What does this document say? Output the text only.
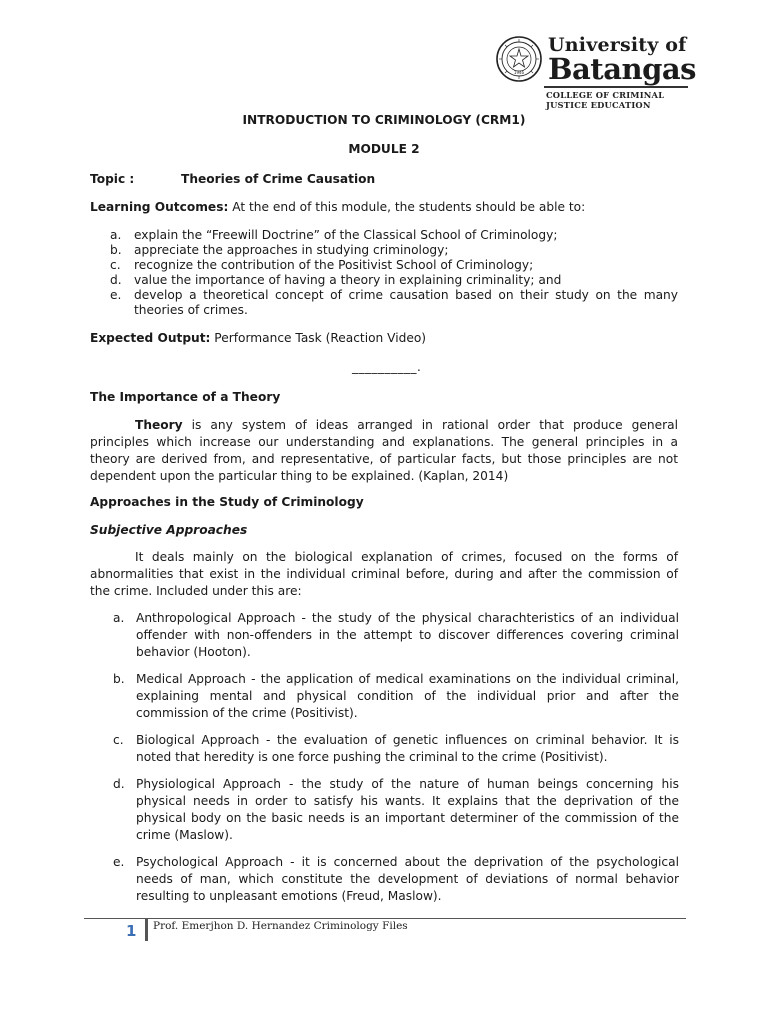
1946
University of
Batangas
COLLEGE OF CRIMINAL
JUSTICE EDUCATION
INTRODUCTION TO CRIMINOLOGY (CRM1)
MODULE 2
Topic :	Theories of Crime Causation
Learning Outcomes: At the end of this module, the students should be able to:
a. explain the “Freewill Doctrine” of the Classical School of Criminology;
b. appreciate the approaches in studying criminology;
c. recognize the contribution of the Positivist School of Criminology;
d. value the importance of having a theory in explaining criminality; and
e. develop a theoretical concept of crime causation based on their study on the many theories of crimes.
Expected Output: Performance Task (Reaction Video)
__________.
The Importance of a Theory
Theory is any system of ideas arranged in rational order that produce general principles which increase our understanding and explanations. The general principles in a theory are derived from, and representative, of particular facts, but those principles are not dependent upon the particular thing to be explained. (Kaplan, 2014)
Approaches in the Study of Criminology
Subjective Approaches
It deals mainly on the biological explanation of crimes, focused on the forms of abnormalities that exist in the individual criminal before, during and after the commission of the crime. Included under this are:
a. Anthropological Approach - the study of the physical charachteristics of an individual offender with non-offenders in the attempt to discover differences covering criminal behavior (Hooton).
b. Medical Approach - the application of medical examinations on the individual criminal, explaining mental and physical condition of the individual prior and after the commission of the crime (Positivist).
c. Biological Approach - the evaluation of genetic influences on criminal behavior. It is noted that heredity is one force pushing the criminal to the crime (Positivist).
d. Physiological Approach - the study of the nature of human beings concerning his physical needs in order to satisfy his wants. It explains that the deprivation of the physical body on the basic needs is an important determiner of the commission of the crime (Maslow).
e. Psychological Approach - it is concerned about the deprivation of the psychological needs of man, which constitute the development of deviations of normal behavior resulting to unpleasant emotions (Freud, Maslow).
1 Prof. Emerjhon D. Hernandez Criminology Files
